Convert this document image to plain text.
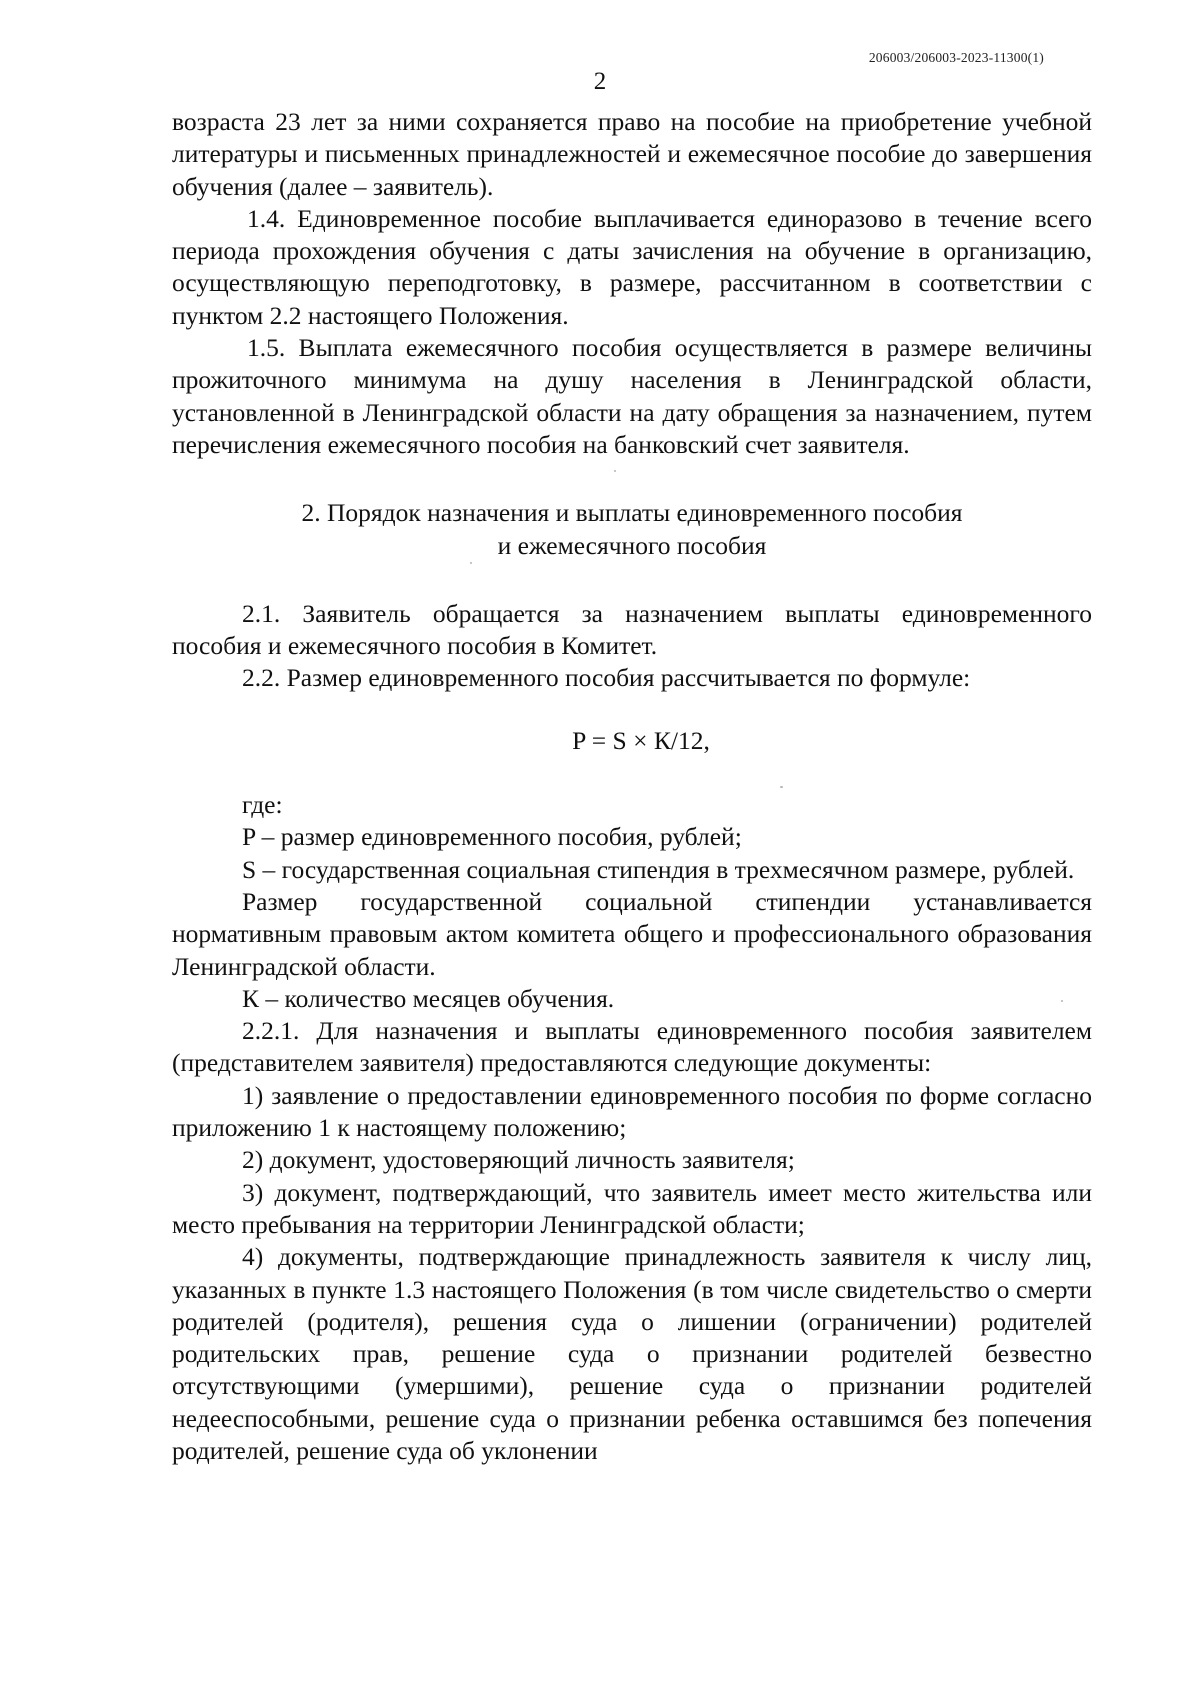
206003/206003-2023-11300(1)
2

возраста 23 лет за ними сохраняется право на пособие на приобретение учебной литературы и письменных принадлежностей и ежемесячное пособие до завершения обучения (далее – заявитель).

1.4. Единовременное пособие выплачивается единоразово в течение всего периода прохождения обучения с даты зачисления на обучение в организацию, осуществляющую переподготовку, в размере, рассчитанном в соответствии с пунктом 2.2 настоящего Положения.

1.5. Выплата ежемесячного пособия осуществляется в размере величины прожиточного минимума на душу населения в Ленинградской области, установленной в Ленинградской области на дату обращения за назначением, путем перечисления ежемесячного пособия на банковский счет заявителя.

2. Порядок назначения и выплаты единовременного пособия
и ежемесячного пособия

2.1. Заявитель обращается за назначением выплаты единовременного пособия и ежемесячного пособия в Комитет.

2.2. Размер единовременного пособия рассчитывается по формуле:

P = S × К/12,

где:

P – размер единовременного пособия, рублей;

S – государственная социальная стипендия в трехмесячном размере, рублей.

Размер государственной социальной стипендии устанавливается нормативным правовым актом комитета общего и профессионального образования Ленинградской области.

К – количество месяцев обучения.

2.2.1. Для назначения и выплаты единовременного пособия заявителем (представителем заявителя) предоставляются следующие документы:

1) заявление о предоставлении единовременного пособия по форме согласно приложению 1 к настоящему положению;

2) документ, удостоверяющий личность заявителя;

3) документ, подтверждающий, что заявитель имеет место жительства или место пребывания на территории Ленинградской области;

4) документы, подтверждающие принадлежность заявителя к числу лиц, указанных в пункте 1.3 настоящего Положения (в том числе свидетельство о смерти родителей (родителя), решения суда о лишении (ограничении) родителей родительских прав, решение суда о признании родителей безвестно отсутствующими (умершими), решение суда о признании родителей недееспособными, решение суда о признании ребенка оставшимся без попечения родителей, решение суда об уклонении
